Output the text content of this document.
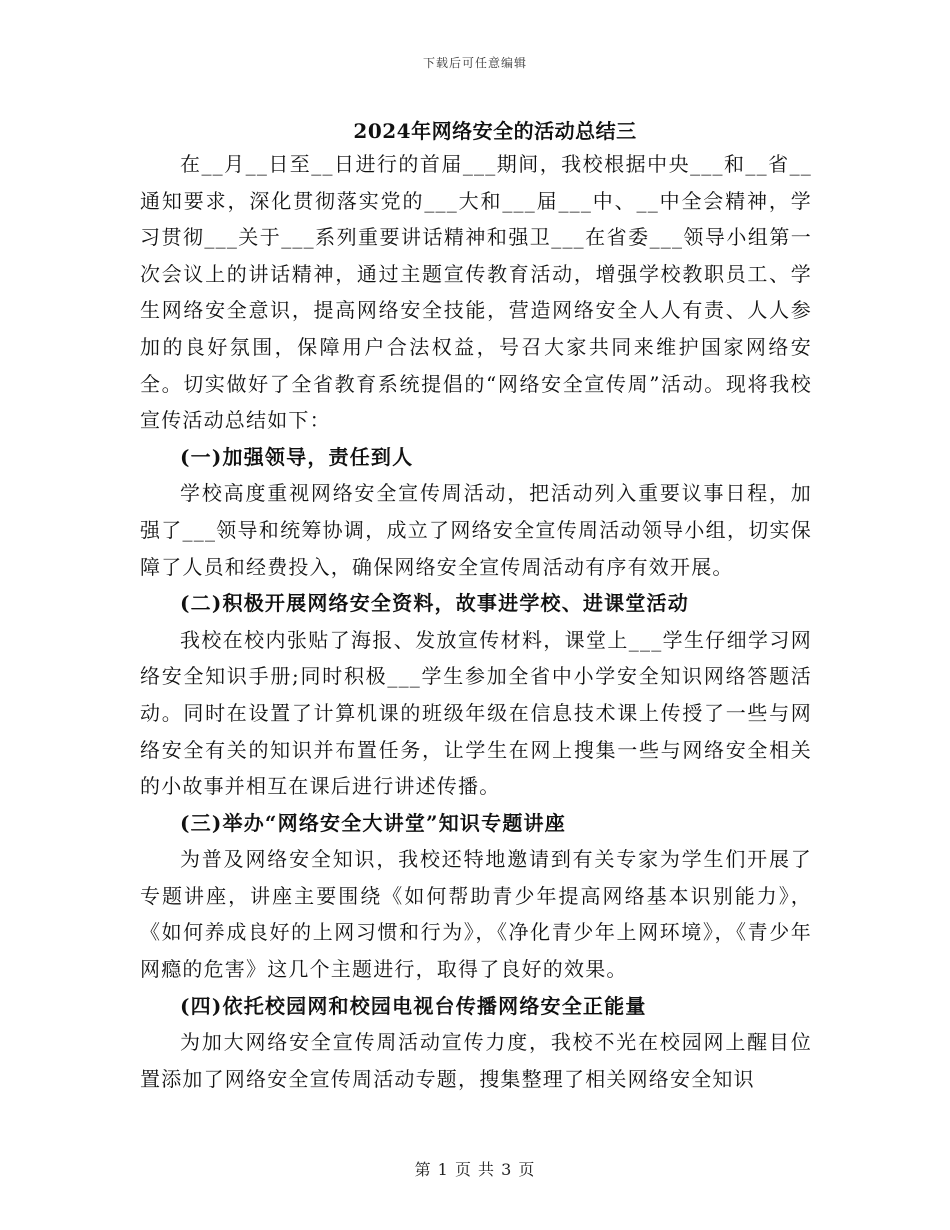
下载后可任意编辑
2024年网络安全的活动总结三

在__月__日至__日进行的首届___期间，我校根据中央___和__省__通知要求，深化贯彻落实党的___大和___届___中、__中全会精神，学习贯彻___关于___系列重要讲话精神和强卫___在省委___领导小组第一次会议上的讲话精神，通过主题宣传教育活动，增强学校教职员工、学生网络安全意识，提高网络安全技能，营造网络安全人人有责、人人参加的良好氛围，保障用户合法权益，号召大家共同来维护国家网络安全。切实做好了全省教育系统提倡的“网络安全宣传周”活动。现将我校宣传活动总结如下：

(一)加强领导，责任到人

学校高度重视网络安全宣传周活动，把活动列入重要议事日程，加强了___领导和统筹协调，成立了网络安全宣传周活动领导小组，切实保障了人员和经费投入，确保网络安全宣传周活动有序有效开展。

(二)积极开展网络安全资料，故事进学校、进课堂活动

我校在校内张贴了海报、发放宣传材料，课堂上___学生仔细学习网络安全知识手册;同时积极___学生参加全省中小学安全知识网络答题活动。同时在设置了计算机课的班级年级在信息技术课上传授了一些与网络安全有关的知识并布置任务，让学生在网上搜集一些与网络安全相关的小故事并相互在课后进行讲述传播。

(三)举办“网络安全大讲堂”知识专题讲座

为普及网络安全知识，我校还特地邀请到有关专家为学生们开展了专题讲座，讲座主要围绕《如何帮助青少年提高网络基本识别能力》，《如何养成良好的上网习惯和行为》，《净化青少年上网环境》，《青少年网瘾的危害》这几个主题进行，取得了良好的效果。

(四)依托校园网和校园电视台传播网络安全正能量

为加大网络安全宣传周活动宣传力度，我校不光在校园网上醒目位置添加了网络安全宣传周活动专题，搜集整理了相关网络安全知识

第 1 页 共 3 页
